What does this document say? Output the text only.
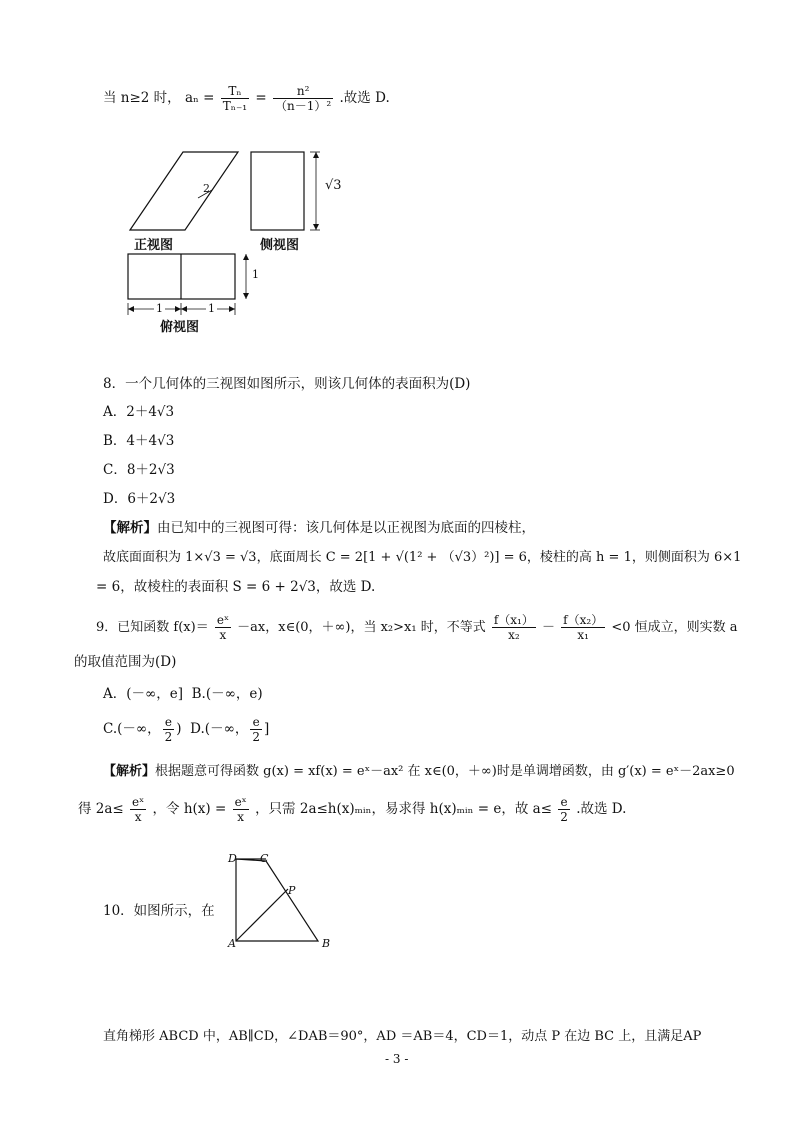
当 n≥2 时， $a_n = \frac{\text{Tₙ}}{\text{Tₙ₋₁}} = \frac{\text{n²}}{\text{（n－1）²}}$ .故选 D.
2	√3
正视图	侧视图
1
1	1
俯视图
8．一个几何体的三视图如图所示，则该几何体的表面积为(D)
A．2＋4√3
B．4＋4√3
C．8＋2√3
D．6＋2√3
【解析】由已知中的三视图可得：该几何体是以正视图为底面的四棱柱，
故底面面积为 1×√3 = √3，底面周长 C = 2[1 + √(1² + （√3）²)] = 6，棱柱的高 h = 1，则侧面积为 6×1
= 6，故棱柱的表面积 S = 6 + 2√3，故选 D.
9．已知函数 $f(x)= \frac{\text{eˣ}}{x} -ax$，x∈(0，＋∞)，当 x₂>x₁ 时，不等式 $\frac{\text{f（x₁）}}{\text{x₂}} - \frac{\text{f（x₂）}}{\text{x₁}} <0$ 恒成立，则实数 a
的取值范围为(D)
A．(－∞，e] B.(－∞，e)
C.(－∞， $\frac{e}{2}$ ) D.(－∞， $\frac{e}{2}$ ]
【解析】根据题意可得函数 g(x) = xf(x) = eˣ－ax² 在 x∈(0，＋∞)时是单调增函数，由 g′(x) = eˣ－2ax≥0
得 $2a\le \frac{\text{eˣ}}{x}$ ，令 $h(x) = \frac{\text{eˣ}}{x}$ ，只需 2a≤h(x)ₘᵢₙ，易求得 h(x)ₘᵢₙ = e，故 $a\le \frac{e}{2}$ .故选 D.
D C
P
A	B
10．如图所示，在
直角梯形 ABCD 中，AB∥CD，∠DAB＝90°，AD ＝AB＝4，CD＝1，动点 P 在边 BC 上，且满足AP
- 3 -
